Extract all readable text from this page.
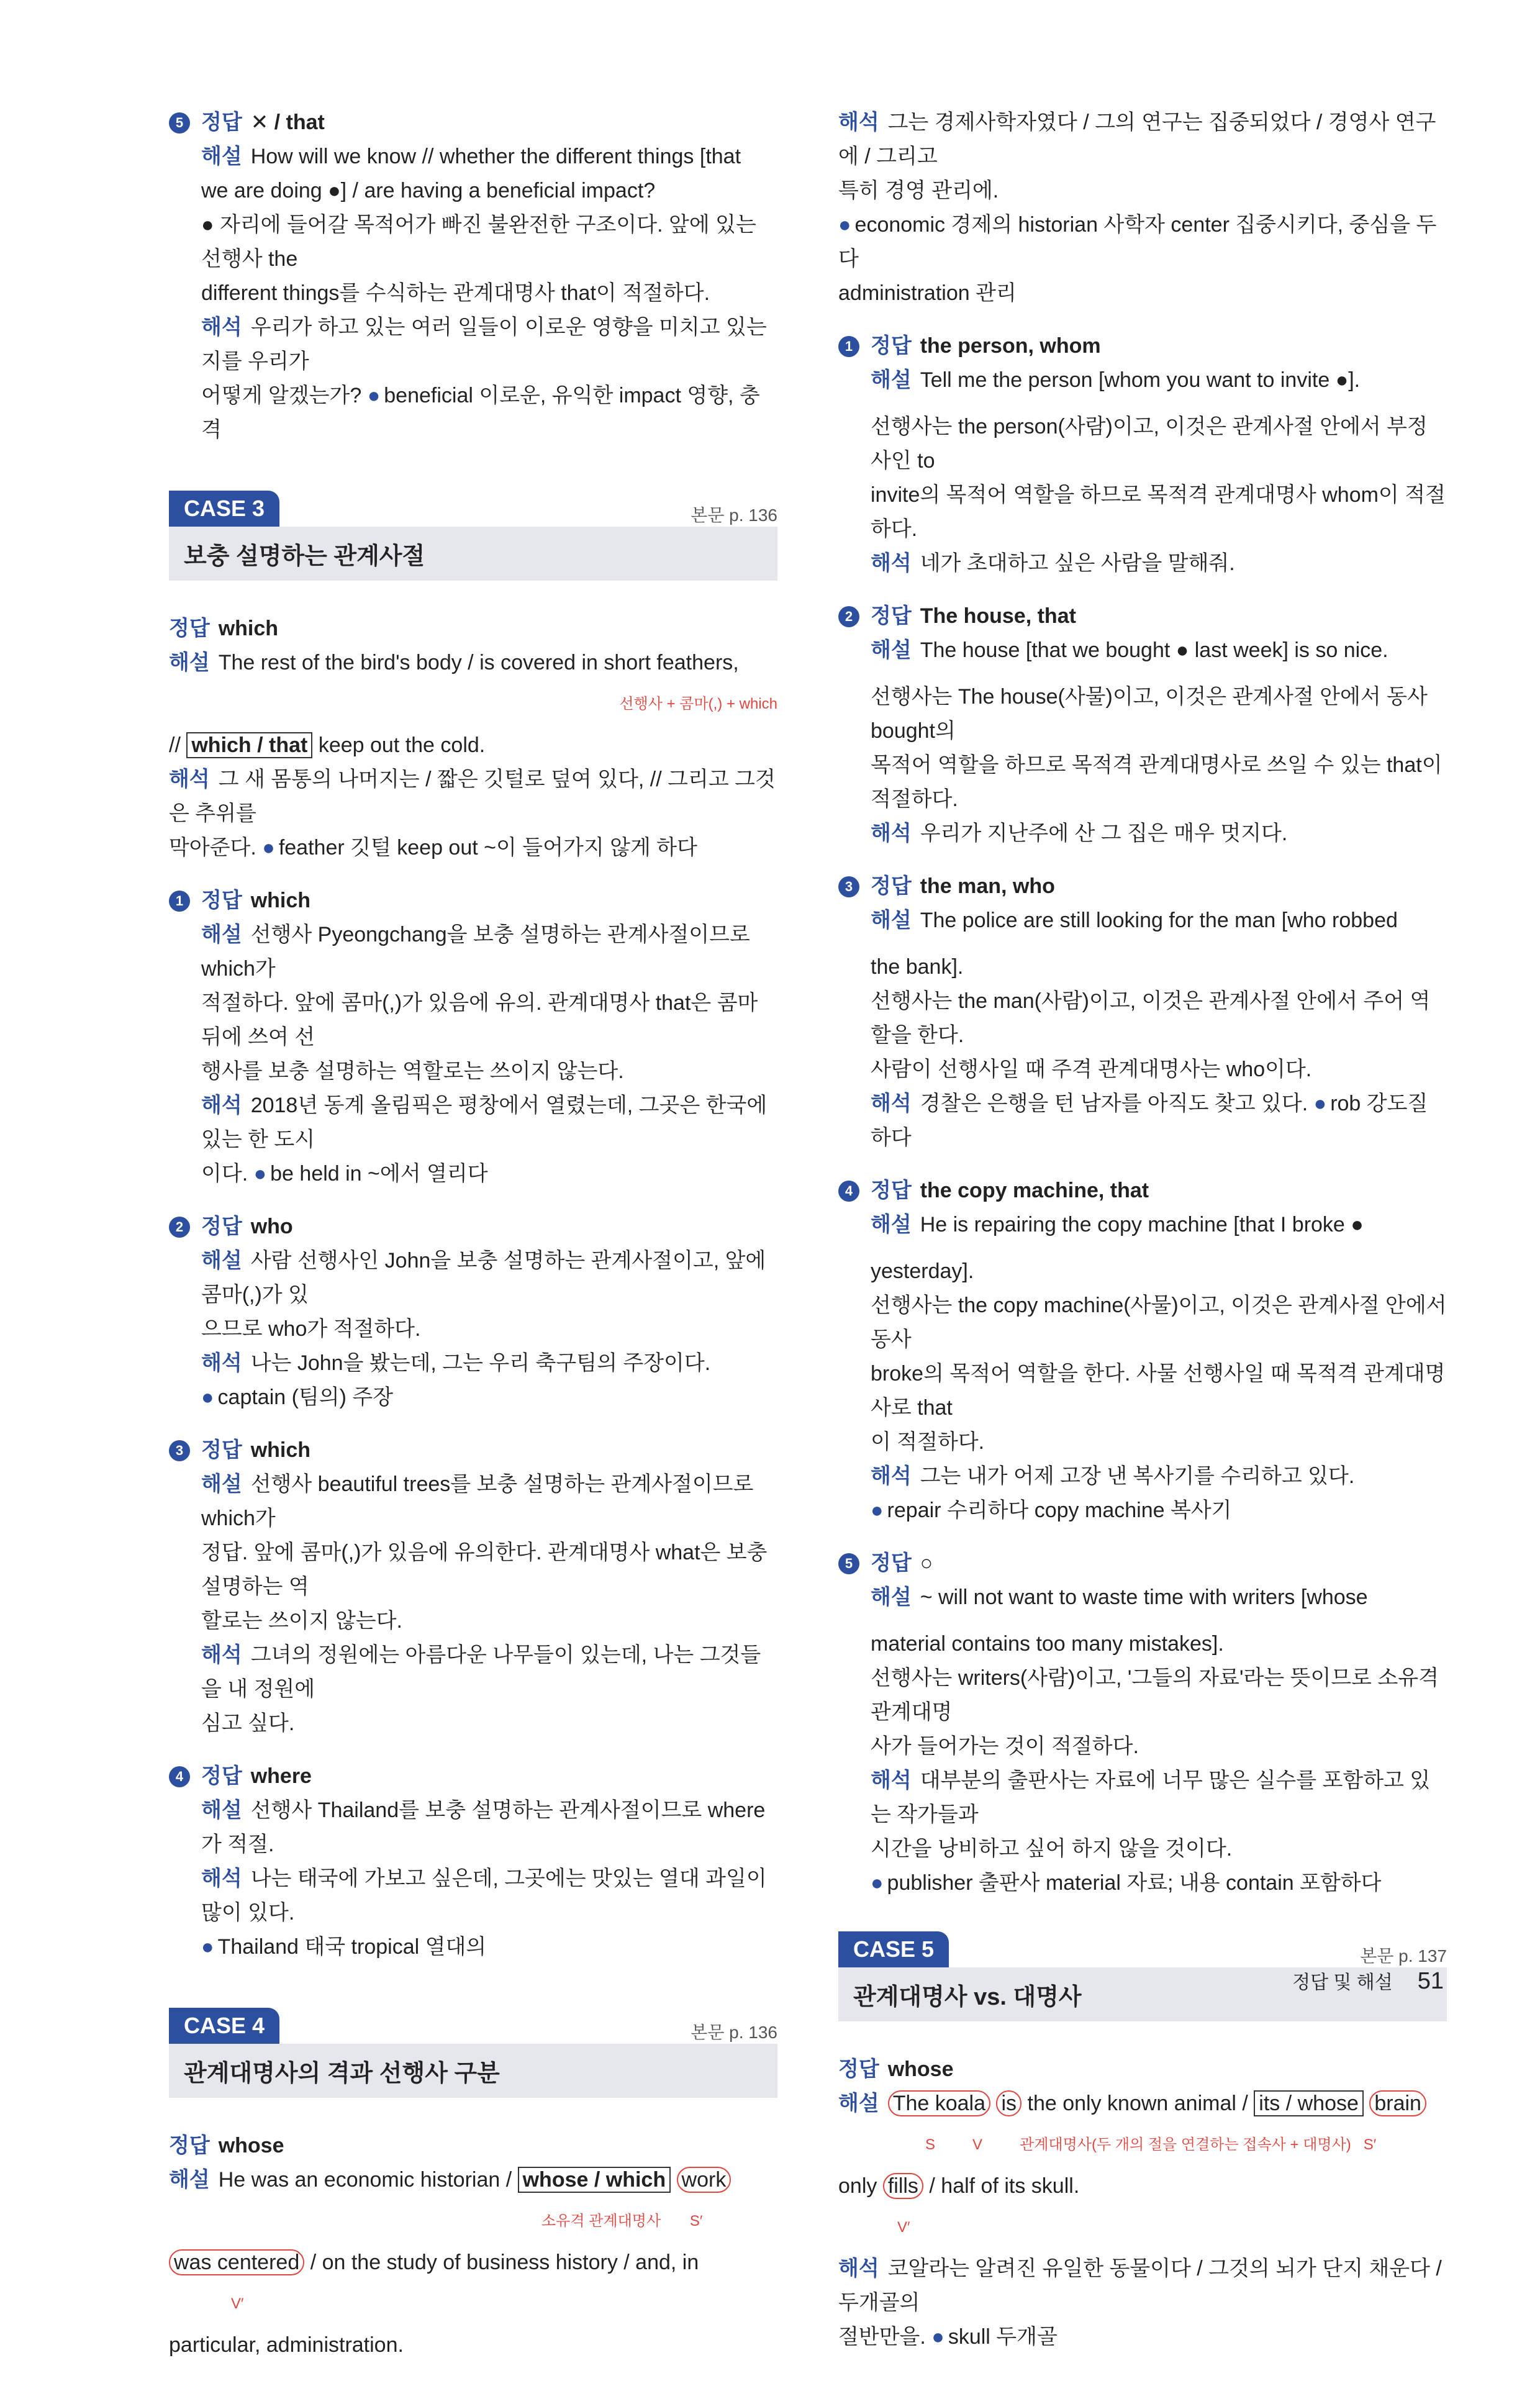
5 정답 ✕ / that

해설 How will we know // whether the different things [that

we are doing ●] / are having a beneficial impact?

● 자리에 들어갈 목적어가 빠진 불완전한 구조이다. 앞에 있는 선행사 the

different things를 수식하는 관계대명사 that이 적절하다.

해석 우리가 하고 있는 여러 일들이 이로운 영향을 미치고 있는지를 우리가

어떻게 알겠는가? ● beneficial 이로운, 유익한 impact 영향, 충격

CASE 3	본문 p. 136
보충 설명하는 관계사절

정답 which

해설 The rest of the bird's body / is covered in short feathers,

선행사 + 콤마(,) + which

// which / that keep out the cold.

해석 그 새 몸통의 나머지는 / 짧은 깃털로 덮여 있다, // 그리고 그것은 추위를

막아준다. ● feather 깃털 keep out ~이 들어가지 않게 하다

1 정답 which

해설 선행사 Pyeongchang을 보충 설명하는 관계사절이므로 which가

적절하다. 앞에 콤마(,)가 있음에 유의. 관계대명사 that은 콤마 뒤에 쓰여 선

행사를 보충 설명하는 역할로는 쓰이지 않는다.

해석 2018년 동계 올림픽은 평창에서 열렸는데, 그곳은 한국에 있는 한 도시

이다. ● be held in ~에서 열리다

2 정답 who

해설 사람 선행사인 John을 보충 설명하는 관계사절이고, 앞에 콤마(,)가 있

으므로 who가 적절하다.

해석 나는 John을 봤는데, 그는 우리 축구팀의 주장이다.

● captain (팀의) 주장

3 정답 which

해설 선행사 beautiful trees를 보충 설명하는 관계사절이므로 which가

정답. 앞에 콤마(,)가 있음에 유의한다. 관계대명사 what은 보충 설명하는 역

할로는 쓰이지 않는다.

해석 그녀의 정원에는 아름다운 나무들이 있는데, 나는 그것들을 내 정원에

심고 싶다.

4 정답 where

해설 선행사 Thailand를 보충 설명하는 관계사절이므로 where가 적절.

해석 나는 태국에 가보고 싶은데, 그곳에는 맛있는 열대 과일이 많이 있다.

● Thailand 태국 tropical 열대의

CASE 4	본문 p. 136
관계대명사의 격과 선행사 구분

정답 whose

해설 He was an economic historian / whose / which work

소유격 관계대명사 S′

was centered / on the study of business history / and, in

V′

particular, administration.

해석 그는 경제사학자였다 / 그의 연구는 집중되었다 / 경영사 연구에 / 그리고

특히 경영 관리에.

● economic 경제의 historian 사학자 center 집중시키다, 중심을 두다

administration 관리

1 정답 the person, whom

해설 Tell me the person [whom you want to invite ●].

선행사는 the person(사람)이고, 이것은 관계사절 안에서 부정사인 to

invite의 목적어 역할을 하므로 목적격 관계대명사 whom이 적절하다.

해석 네가 초대하고 싶은 사람을 말해줘.

2 정답 The house, that

해설 The house [that we bought ● last week] is so nice.

선행사는 The house(사물)이고, 이것은 관계사절 안에서 동사 bought의

목적어 역할을 하므로 목적격 관계대명사로 쓰일 수 있는 that이 적절하다.

해석 우리가 지난주에 산 그 집은 매우 멋지다.

3 정답 the man, who

해설 The police are still looking for the man [who robbed

the bank].

선행사는 the man(사람)이고, 이것은 관계사절 안에서 주어 역할을 한다.

사람이 선행사일 때 주격 관계대명사는 who이다.

해석 경찰은 은행을 턴 남자를 아직도 찾고 있다. ● rob 강도질하다

4 정답 the copy machine, that

해설 He is repairing the copy machine [that I broke ●

yesterday].

선행사는 the copy machine(사물)이고, 이것은 관계사절 안에서 동사

broke의 목적어 역할을 한다. 사물 선행사일 때 목적격 관계대명사로 that

이 적절하다.

해석 그는 내가 어제 고장 낸 복사기를 수리하고 있다.

● repair 수리하다 copy machine 복사기

5 정답 ○

해설 ~ will not want to waste time with writers [whose

material contains too many mistakes].

선행사는 writers(사람)이고, '그들의 자료'라는 뜻이므로 소유격 관계대명

사가 들어가는 것이 적절하다.

해석 대부분의 출판사는 자료에 너무 많은 실수를 포함하고 있는 작가들과

시간을 낭비하고 싶어 하지 않을 것이다.

● publisher 출판사 material 자료; 내용 contain 포함하다

CASE 5	본문 p. 137
관계대명사 vs. 대명사

정답 whose

해설 The koala is the only known animal / its / whose brain

S	V	관계대명사(두 개의 절을 연결하는 접속사 + 대명사) S′

only fills / half of its skull.

V′

해석 코알라는 알려진 유일한 동물이다 / 그것의 뇌가 단지 채운다 / 두개골의

절반만을. ● skull 두개골

정답 및 해설 51
